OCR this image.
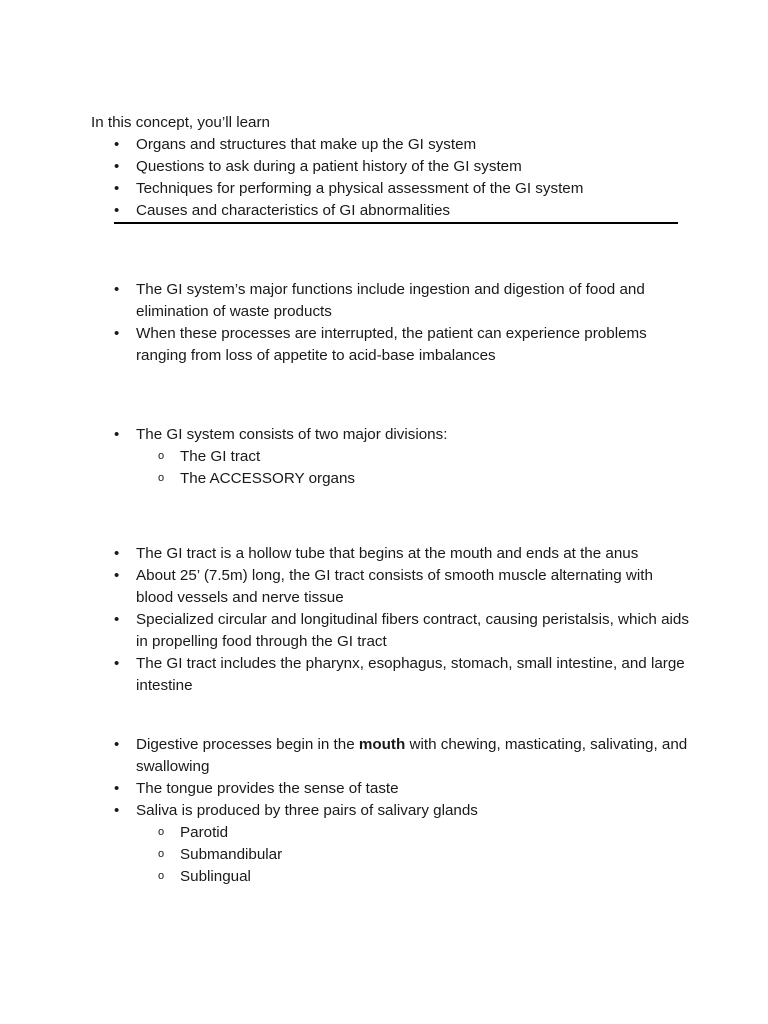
In this concept, you’ll learn
• Organs and structures that make up the GI system
• Questions to ask during a patient history of the GI system
• Techniques for performing a physical assessment of the GI system
• Causes and characteristics of GI abnormalities
• The GI system’s major functions include ingestion and digestion of food and elimination of waste products
• When these processes are interrupted, the patient can experience problems ranging from loss of appetite to acid-base imbalances
• The GI system consists of two major divisions:
o The GI tract
o The ACCESSORY organs
• The GI tract is a hollow tube that begins at the mouth and ends at the anus
• About 25’ (7.5m) long, the GI tract consists of smooth muscle alternating with blood vessels and nerve tissue
• Specialized circular and longitudinal fibers contract, causing peristalsis, which aids in propelling food through the GI tract
• The GI tract includes the pharynx, esophagus, stomach, small intestine, and large intestine
• Digestive processes begin in the mouth with chewing, masticating, salivating, and swallowing
• The tongue provides the sense of taste
• Saliva is produced by three pairs of salivary glands
o Parotid
o Submandibular
o Sublingual
